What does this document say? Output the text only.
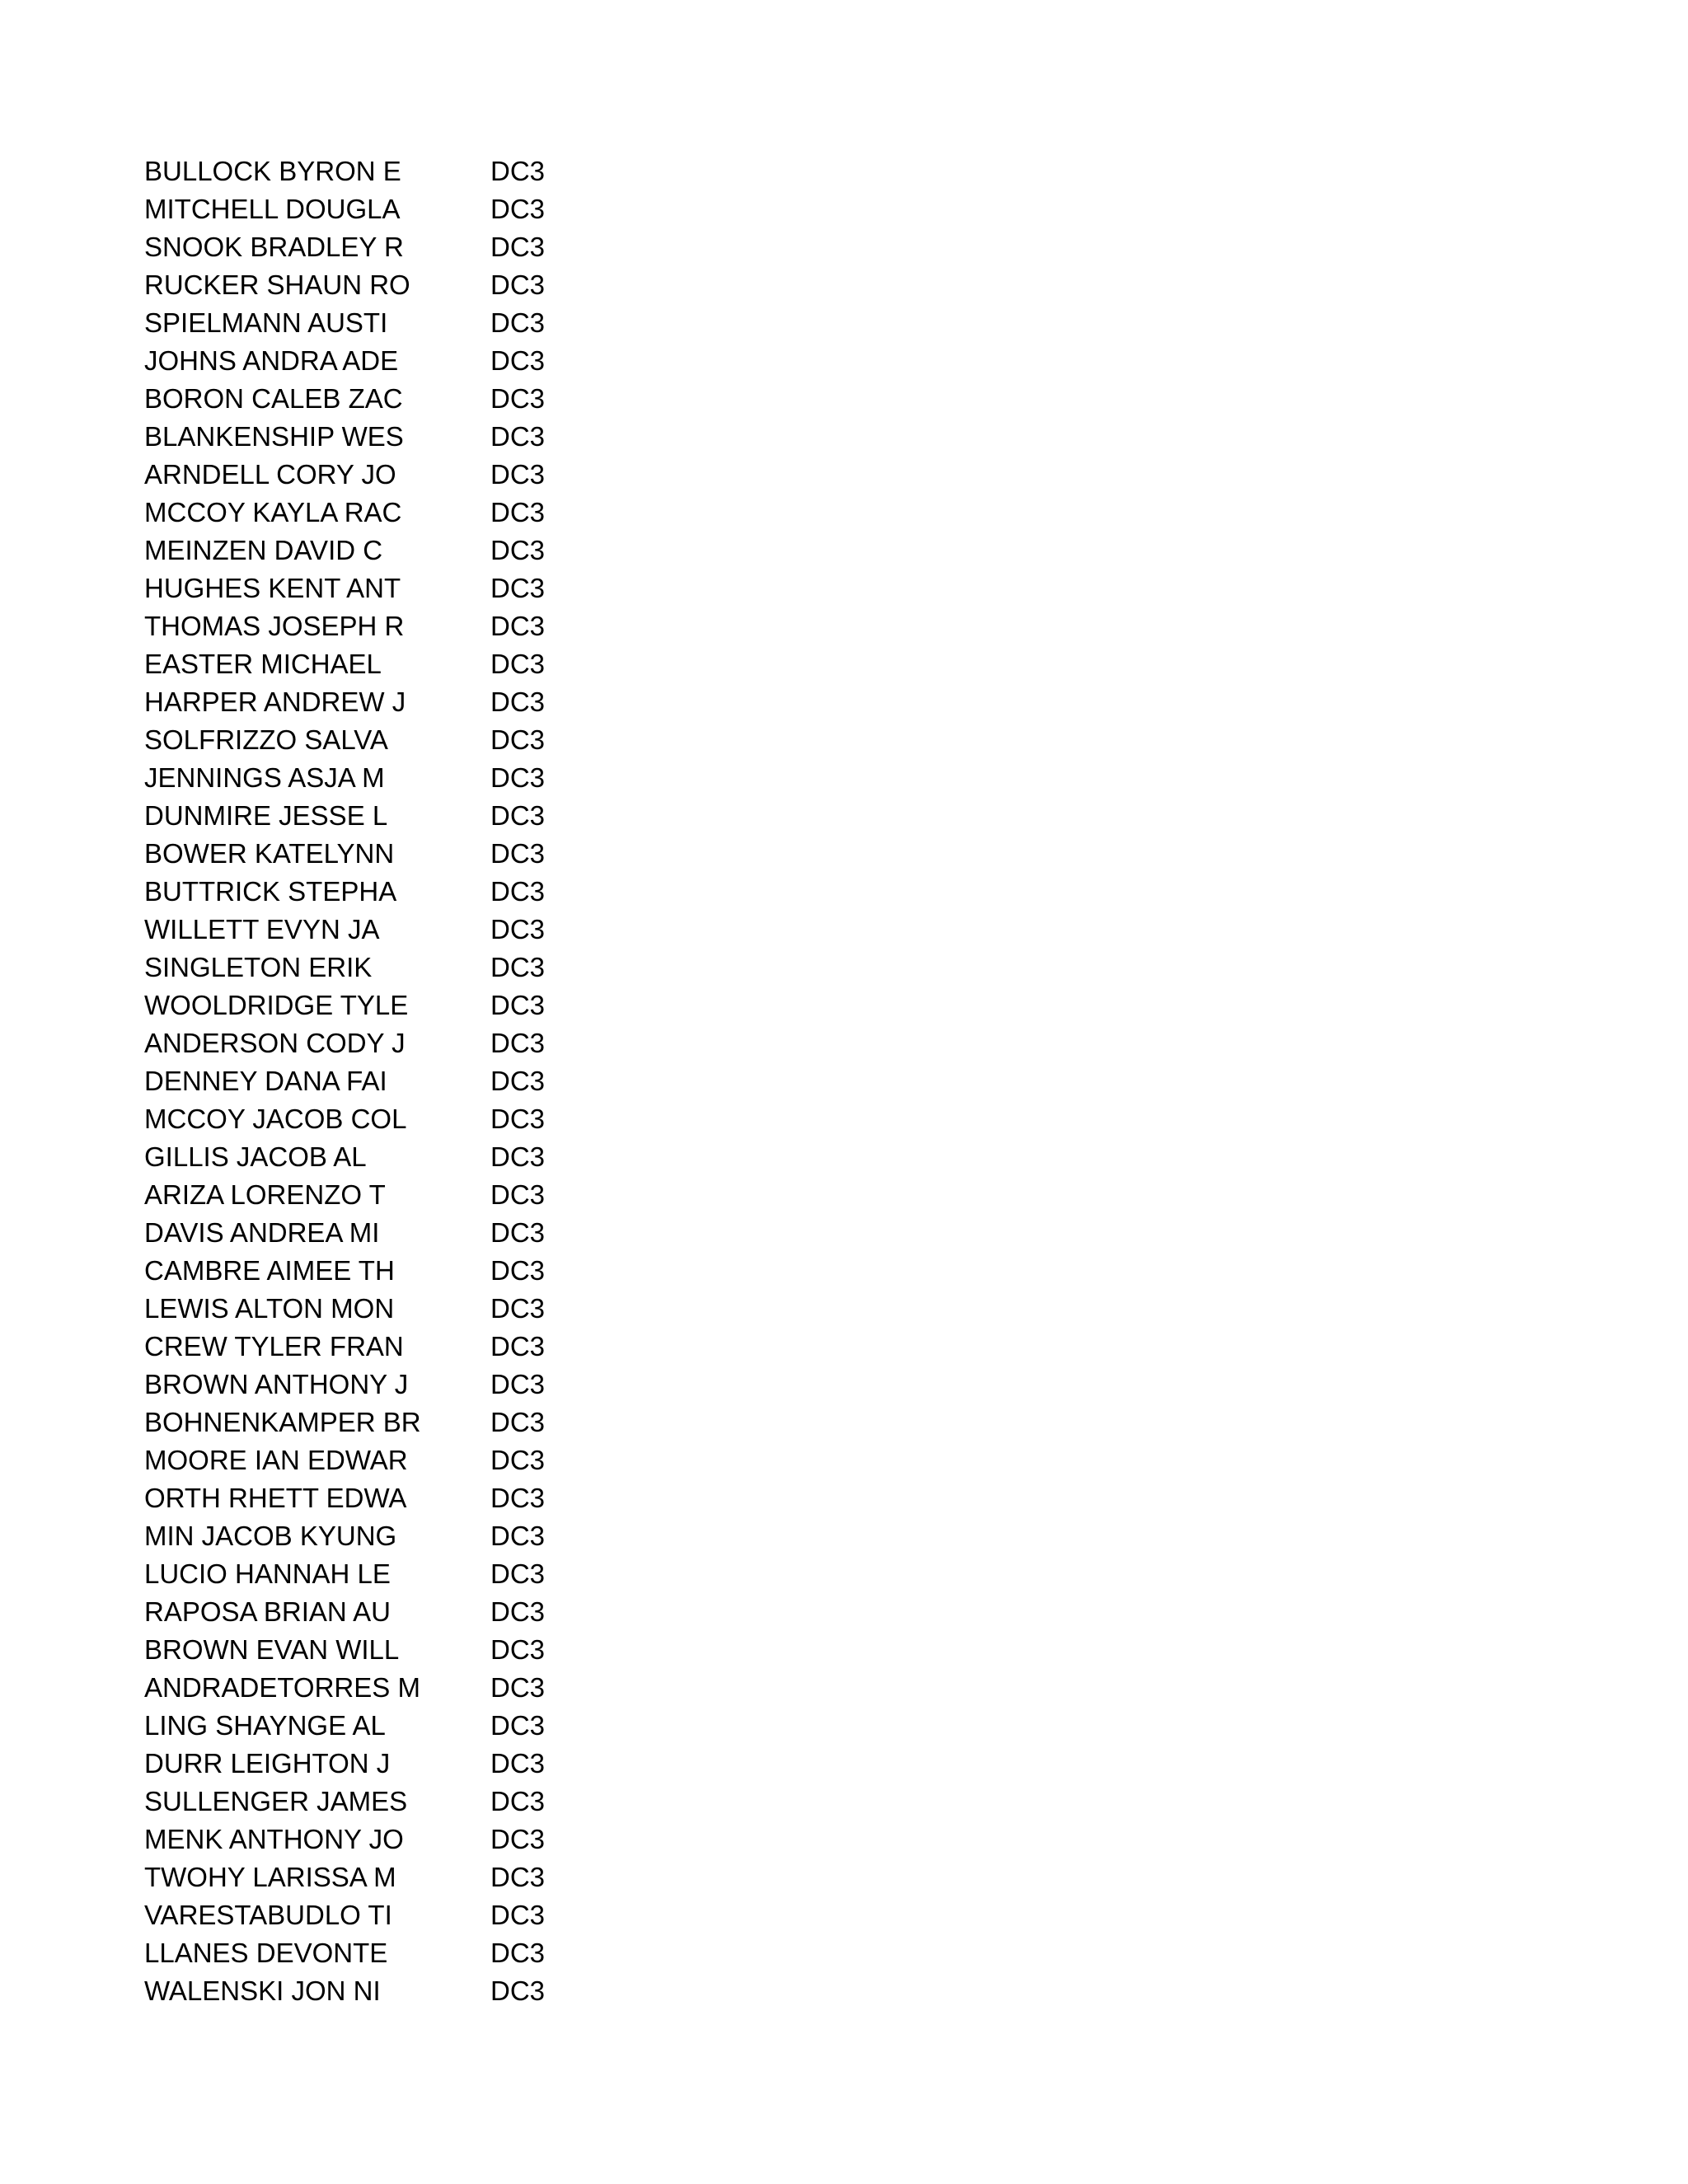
BULLOCK BYRON E	DC3
MITCHELL DOUGLA	DC3
SNOOK BRADLEY R	DC3
RUCKER SHAUN RO	DC3
SPIELMANN AUSTI	DC3
JOHNS ANDRA ADE	DC3
BORON CALEB ZAC	DC3
BLANKENSHIP WES	DC3
ARNDELL CORY JO	DC3
MCCOY KAYLA RAC	DC3
MEINZEN DAVID C	DC3
HUGHES KENT ANT	DC3
THOMAS JOSEPH R	DC3
EASTER MICHAEL	DC3
HARPER ANDREW J	DC3
SOLFRIZZO SALVA	DC3
JENNINGS ASJA M	DC3
DUNMIRE JESSE L	DC3
BOWER KATELYNN	DC3
BUTTRICK STEPHA	DC3
WILLETT EVYN JA	DC3
SINGLETON ERIK	DC3
WOOLDRIDGE TYLE	DC3
ANDERSON CODY J	DC3
DENNEY DANA FAI	DC3
MCCOY JACOB COL	DC3
GILLIS JACOB AL	DC3
ARIZA LORENZO T	DC3
DAVIS ANDREA MI	DC3
CAMBRE AIMEE TH	DC3
LEWIS ALTON MON	DC3
CREW TYLER FRAN	DC3
BROWN ANTHONY J	DC3
BOHNENKAMPER BR	DC3
MOORE IAN EDWAR	DC3
ORTH RHETT EDWA	DC3
MIN JACOB KYUNG	DC3
LUCIO HANNAH LE	DC3
RAPOSA BRIAN AU	DC3
BROWN EVAN WILL	DC3
ANDRADETORRES M	DC3
LING SHAYNGE AL	DC3
DURR LEIGHTON J	DC3
SULLENGER JAMES	DC3
MENK ANTHONY JO	DC3
TWOHY LARISSA M	DC3
VARESTABUDLO TI	DC3
LLANES DEVONTE	DC3
WALENSKI JON NI	DC3
